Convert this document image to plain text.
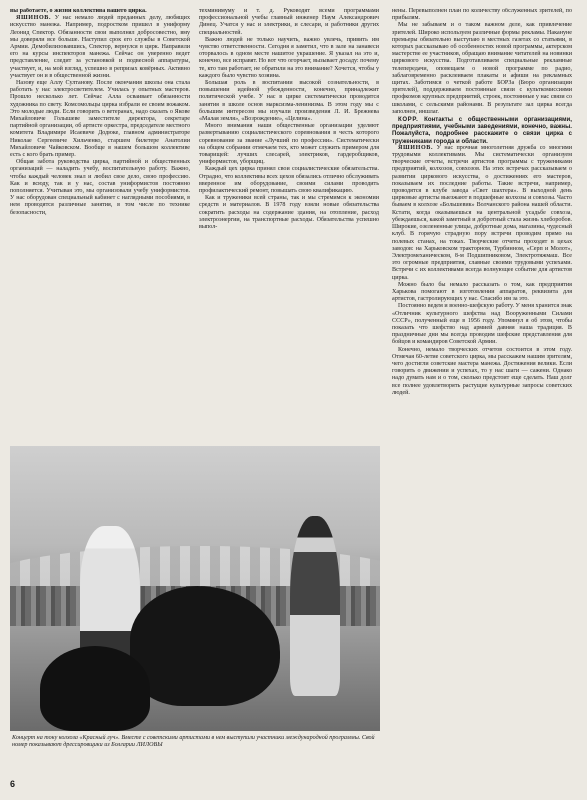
вы работаете, о жизни коллектива вашего цирка.

ЯШИНОВ. У нас немало людей преданных делу, любящих искусство манежа. Например, подростком пришел в униформу Леонид Спектор. Обязанности свои выполнял добросовестно, вму мы доверяли все больше. Наступил срок его службы в Советской Армии. Демобилизовавшись, Спектор, вернулся в цирк. Направили его на курсы инспекторов манежа. Сейчас он уверенно ведет представление, следит за установкой и подвесной аппаратуры, участвует, и, на мой взгляд, успешно в репризах ковёрных. Активно участвует он и в общественной жизни.

Назову еще Аллу Султанову. После окончания школы она стала работать у нас электросветителем. Училась у опытных мастеров. Прошло несколько лет. Сейчас Алла осваивает обязанности художника по свету. Комсомольцы цирка избрали ее своим вожаком. Это молодые люди. Если говорить о ветеранах, надо сказать о Якове Михайловиче Голышеве заместителе директора, секретаре партийной организации, об артисте оркестра, председателе местного комитета Владимире Исаевиче Додюке, главном администраторе Николае Сергеевиче Хильченко, старшем билетере Анатолии Михайловиче Чайковском. Вообще в нашем большом коллективе есть с кого брать пример.

Общая забота руководства цирка, партийной и общественных организаций — наладить учебу, воспитательную работу. Важно, чтобы каждый человек знал и любил свое дело, свою профессию. Как и всюду, так и у нас, состав униформистов постоянно пополняется. Учитывая это, мы организовали учебу униформистов. У нас оборудован специальный кабинет с наглядными пособиями, в нем проводятся различные занятия, в том числе по технике безопасности,

техминимуму и т. д. Руководят всеми программами профессиональной учебы главный инженер Наум Александрович Динец. Учатся у нас и электрики, и слесари, и работники других специальностей.

Важно людей не только научить, важно увлечь, привить им чувство ответственности. Сегодня я заметил, что в зале на занавеси оторвалось в одном месте нашитое украшение. Я указал на это и, конечно, все исправят. Но вот что огорчает, вызывает досаду: почему те, кто там работает, не обратили на это внимание? Хочется, чтобы у каждого было чувство хозяина.

Большая роль в воспитании высокой сознательности, в повышении идейной убежденности, конечно, принадлежит политической учебе. У нас в цирке систематически проводятся занятия в школе основ марксизма-ленинизма. В этом году мы с большим интересом мы изучали произведения Л. И. Брежнева «Малая земля», «Возрождение», «Целина».

Много внимания наши общественные организации уделяют развертыванию социалистического соревнования в честь которого соревнование за звание «Лучший по профессии». Систематически на общем собрании отмечаем тех, кто может служить примером для товарищей: лучших слесарей, электриков, гардеробщиков, униформистов, уборщиц.

Каждый цех цирка принял свои социалистические обязательства. Отрадно, что коллективы всех цехов обязались отлично обслуживать вверенное им оборудование, своими силами проводить профилактический ремонт, повышать свою квалификацию.

Как и труженики всей страны, так и мы стремимся к экономии средств и материалов. В 1978 году взяли новые обязательства сократить расходы на содержание здания, на отопление, расход электроэнергии, на транспортные расходы. Обязательства успешно выпол-

нены. Перевыполнен план по количеству обслуженных зрителей, по прибылям.

Мы не забываем и о таком важном деле, как привлечение зрителей. Широко используем различные формы рекламы. Накануне премьеры обязательно выступаю в местных газетах со статьями, в которых рассказываю об особенностях новой программы, актерском мастерстве ее участников, обращаю внимание читателей на новинки циркового искусства. Подготавливаем специальные рекламные телепередачи, оповещаем о новой программе по радио, заблаговременно расклеиваем плакаты и афиши на рекламных щитах. Заботимся о четкой работе БОРЗа (Бюро организации зрителей), поддерживаем постоянные связи с культкомиссиями профкомов крупных предприятий, строек, постоянные у нас связи со школами, с сельскими районами. В результате зал цирка всегда заполнен, иншлаг.

КОРР. Контакты с общественными организациями, предприятиями, учебными заведениями, конечно, важны. Пожалуйста, подробнее расскажите о связи цирка с тружениками города и области.

ЯШИНОВ. У нас прочная многолетняя дружба со многими трудовыми коллективами. Мы систематически организуем творческие отчеты, встречи артистов программы с тружениками предприятий, колхозов, совхозов. На этих встречах рассказываем о развитии циркового искусства, о достижениях его мастеров, показываем их последние работы. Такие встречи, например, проводятся в клубе завода «Свет шахтера». В выходной день цирковые артисты выезжают в подшефные колхозы и совхозы. Часто бываем в колхозе «Большевик» Волчанского района нашей области. Кстати, когда оказываешься на центральной усадьбе совхоза, убеждаешься, какой заметный и добротный стала жизнь хлеборобов. Широкие, озелененные улицы, добротные дома, магазины, чудесный клуб. В горячую страдную пору встречи проводим прямо на полевых станах, на токах. Творческие отчеты проходят в цехах заводов: на Харьковском тракторном, Турбинном, «Серп и Молот», Электромеханическом, 8-м Подшипниковом, Электротяжмаш. Все это огромные предприятия, славные своими трудовыми успехами. Встречи с их коллективами всегда волнующее событие для артистов цирка.

Можно было бы немало рассказать о том, как предприятия Харькова помогают в изготовлении аппаратов, реквизита для артистов, гастролирующих у нас. Спасибо им за это.

Постоянно ведем и военно-шефскую работу. У меня хранится знак «Отличник культурного шефства над Вооруженными Силами СССР», полученный еще в 1956 году. Упомянул я об этом, чтобы показать что шефство над армией давняя наша традиция. В праздничные дни мы всегда проводим шефские представления для бойцов и командиров Советской Армии.

Конечно, немало творческих отчетов состоится в этом году. Отмечая 60-летие советского цирка, мы расскажем нашим зрителям, чего достигли советские мастера манежа. Достижения велики. Если говорить о движении и успехах, то у нас шаги — сажени. Однако надо думать нам и о том, сколько предстоит еще сделать. Наш долг все полнее удовлетворять растущие культурные запросы советских людей.

Концерт на току колхоза «Красный луч». Вместе с советскими артистами в нем выступили участники международной программы. Свой номер показывают дрессировщики из Болгарии ЛИЛОВЫ
6
